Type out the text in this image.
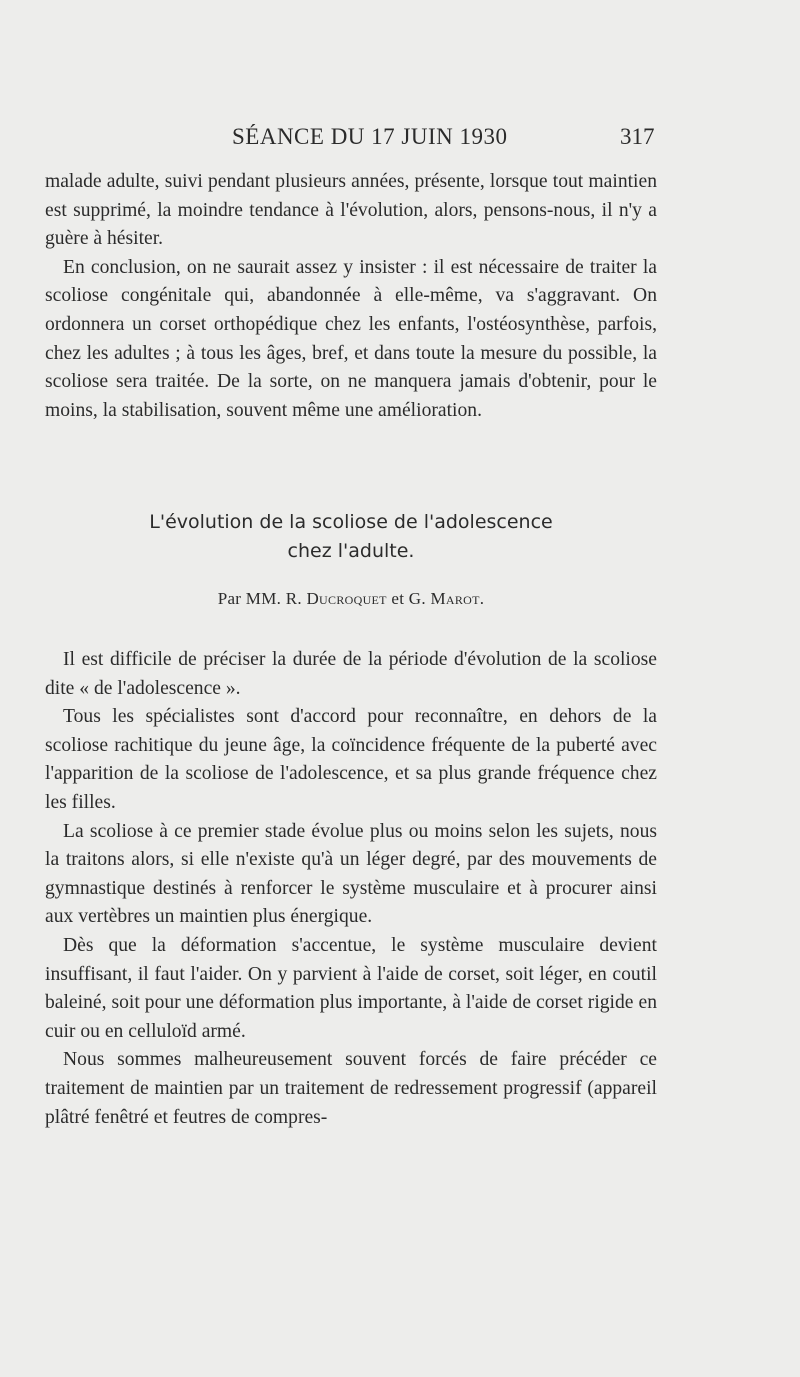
SÉANCE DU 17 JUIN 1930	317

malade adulte, suivi pendant plusieurs années, présente, lorsque tout maintien est supprimé, la moindre tendance à l'évolution, alors, pensons-nous, il n'y a guère à hésiter.

En conclusion, on ne saurait assez y insister : il est nécessaire de traiter la scoliose congénitale qui, abandonnée à elle-même, va s'aggravant. On ordonnera un corset orthopédique chez les enfants, l'ostéosynthèse, parfois, chez les adultes ; à tous les âges, bref, et dans toute la mesure du possible, la scoliose sera traitée. De la sorte, on ne manquera jamais d'obtenir, pour le moins, la stabilisation, souvent même une amélioration.

L'évolution de la scoliose de l'adolescence
chez l'adulte.
Par MM. R. Ducroquet et G. Marot.

Il est difficile de préciser la durée de la période d'évolution de la scoliose dite « de l'adolescence ».

Tous les spécialistes sont d'accord pour reconnaître, en dehors de la scoliose rachitique du jeune âge, la coïncidence fréquente de la puberté avec l'apparition de la scoliose de l'adolescence, et sa plus grande fréquence chez les filles.

La scoliose à ce premier stade évolue plus ou moins selon les sujets, nous la traitons alors, si elle n'existe qu'à un léger degré, par des mouvements de gymnastique destinés à renforcer le système musculaire et à procurer ainsi aux vertèbres un maintien plus énergique.

Dès que la déformation s'accentue, le système musculaire devient insuffisant, il faut l'aider. On y parvient à l'aide de corset, soit léger, en coutil baleiné, soit pour une déformation plus importante, à l'aide de corset rigide en cuir ou en celluloïd armé.

Nous sommes malheureusement souvent forcés de faire précéder ce traitement de maintien par un traitement de redressement progressif (appareil plâtré fenêtré et feutres de compres-
